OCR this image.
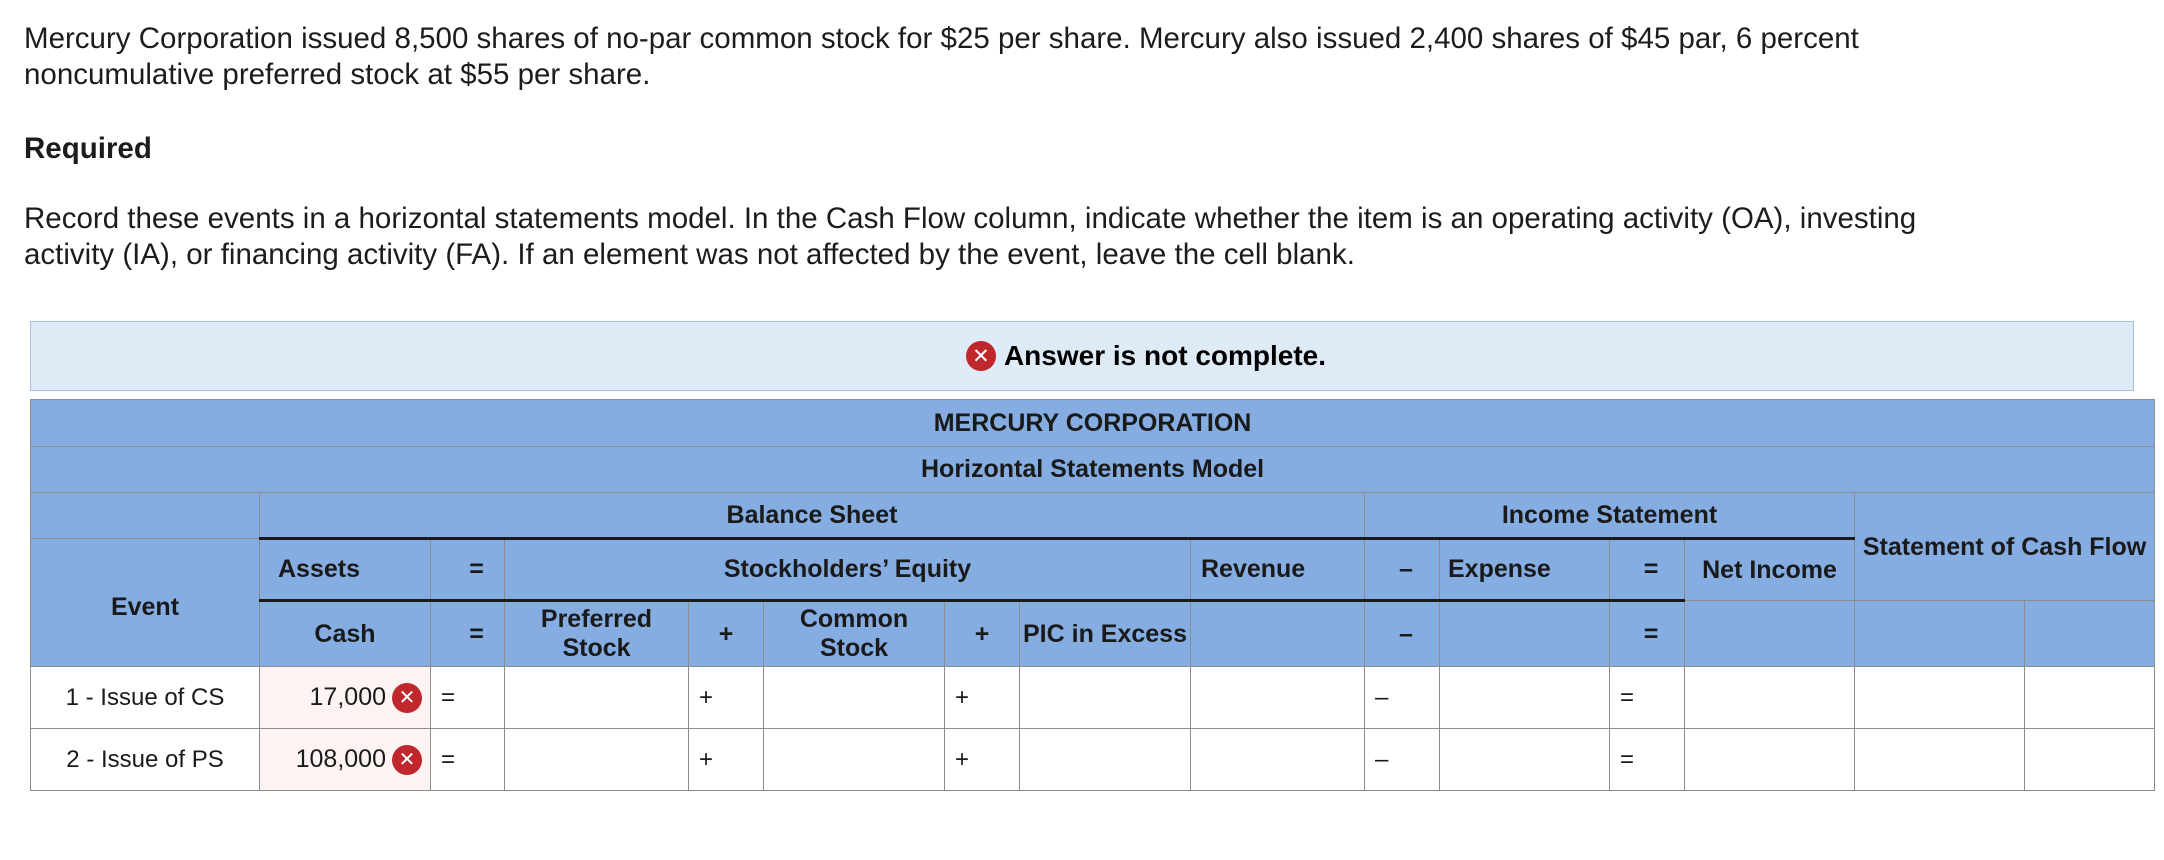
Mercury Corporation issued 8,500 shares of no-par common stock for $25 per share. Mercury also issued 2,400 shares of $45 par, 6 percent noncumulative preferred stock at $55 per share.

Required

Record these events in a horizontal statements model. In the Cash Flow column, indicate whether the item is an operating activity (OA), investing activity (IA), or financing activity (FA). If an element was not affected by the event, leave the cell blank.

✕ Answer is not complete.
MERCURY CORPORATION														
Horizontal Statements Model														
	Balance Sheet								Income Statement				Statement of Cash Flow	
Event	Assets	=	Stockholders’ Equity					Revenue	–	Expense	=	Net Income		
	Cash	=	Preferred Stock	+	Common Stock	+	PIC in Excess		–		=			
1 - Issue of CS	17,000 ✕	=		+		+			–		=			
2 - Issue of PS	108,000 ✕	=		+		+			–		=			
